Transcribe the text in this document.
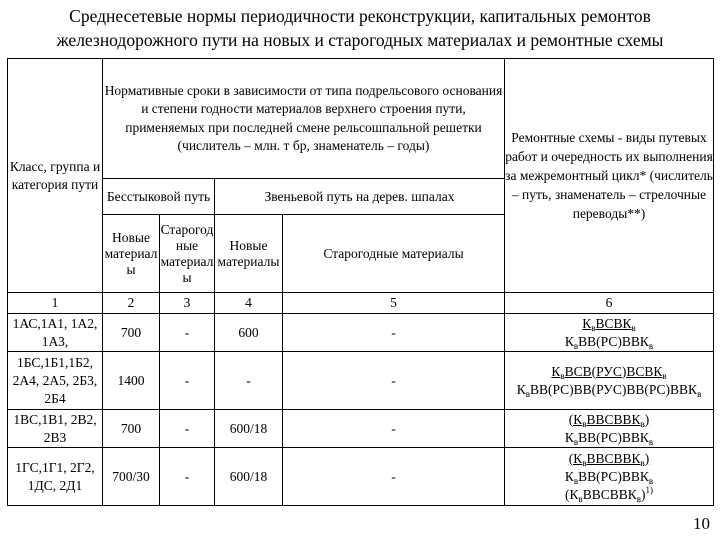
Среднесетевые нормы периодичности реконструкции, капитальных ремонтов
железнодорожного пути на новых и старогодных материалах и ремонтные схемы
Класс, группа и категория пути	Нормативные сроки в зависимости от типа подрельсового основания и степени годности материалов верхнего строения пути, применяемых при последней смене рельсошпальной решетки (числитель – млн. т бр, знаменатель – годы)				Ремонтные схемы - виды путевых работ и очередность их выполнения за межремонтный цикл* (числитель – путь, знаменатель – стрелочные переводы**)
	Бесстыковой путь		Звеньевой путь на дерев. шпалах		
	Новые материалы	Старогодные материалы	Новые материалы	Старогодные материалы	
1	2	3	4	5	6
1АС,1А1, 1А2, 1А3,	700	-	600	-	$К_вВСВК_в$
$К_вВВ(РС)ВВК_в$

1БС,1Б1,1Б2, 2А4, 2А5, 2Б3, 2Б4	1400	-	-	-	$К_вВСВ(РУС)ВСВК_в$
$К_вВВ(РС)ВВ(РУС)ВВ(РС)ВВК_в$

1ВС,1В1, 2В2, 2В3	700	-	600/18	-	$(К_вВВСВВК_в)$
$К_вВВ(РС)ВВК_в$

1ГС,1Г1, 2Г2, 1ДС, 2Д1	700/30	-	600/18	-	$(К_вВВСВВК_в)$
$К_вВВ(РС)ВВК_в$
$(К_вВВСВВК_в)^{1)}$
10
